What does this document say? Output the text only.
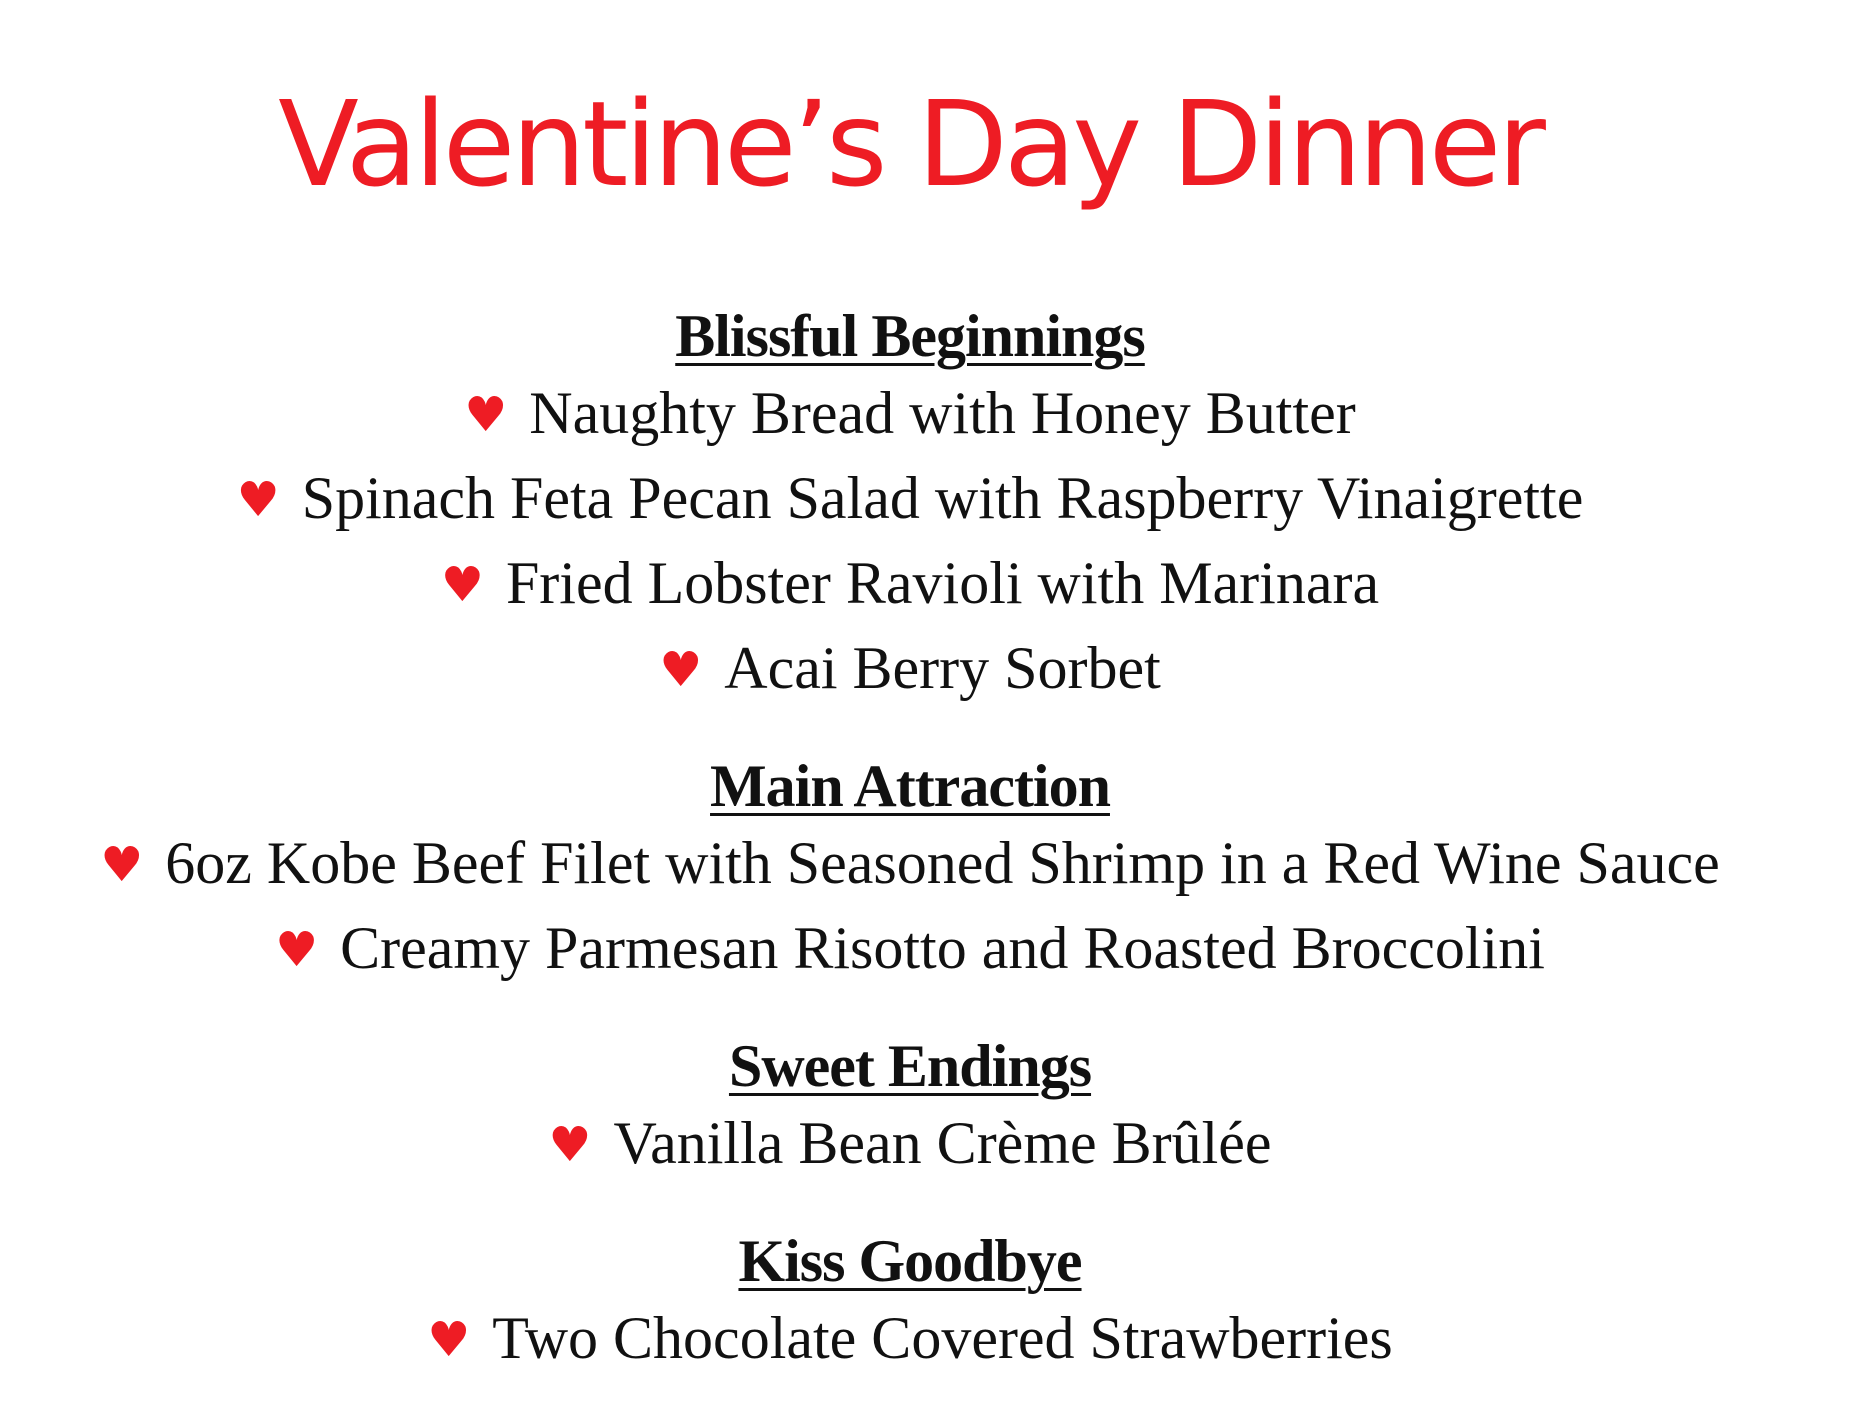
Valentine’s Day Dinner

Blissful Beginnings

♥ Naughty Bread with Honey Butter

♥ Spinach Feta Pecan Salad with Raspberry Vinaigrette

♥ Fried Lobster Ravioli with Marinara

♥ Acai Berry Sorbet

Main Attraction

♥ 6oz Kobe Beef Filet with Seasoned Shrimp in a Red Wine Sauce

♥ Creamy Parmesan Risotto and Roasted Broccolini

Sweet Endings

♥ Vanilla Bean Crème Brûlée

Kiss Goodbye

♥ Two Chocolate Covered Strawberries
